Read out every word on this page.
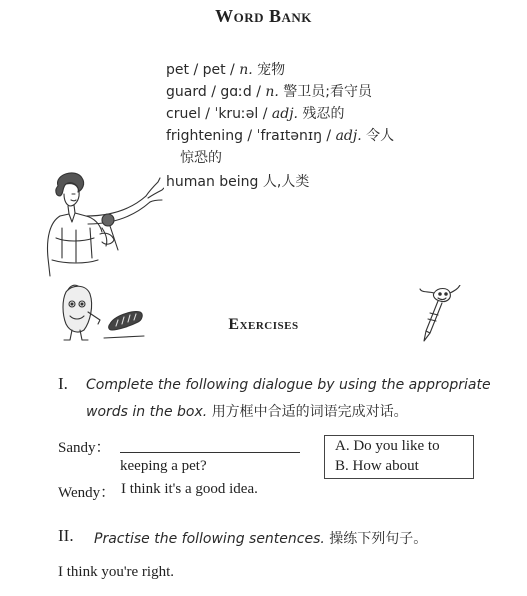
Word Bank
pet / pet / n. 宠物
guard / gɑːd / n. 警卫员;看守员
cruel / ˈkruːəl / adj. 残忍的
frightening / ˈfraɪtənɪŋ / adj. 令人
惊恐的
human being 人,人类
Exercises
I. Complete the following dialogue by using the appropriate
words in the box. 用方框中合适的词语完成对话。
Sandy：
keeping a pet?
Wendy： I think it's a good idea.
A. Do you like to
B. How about
II. Practise the following sentences. 操练下列句子。
I think you're right.
